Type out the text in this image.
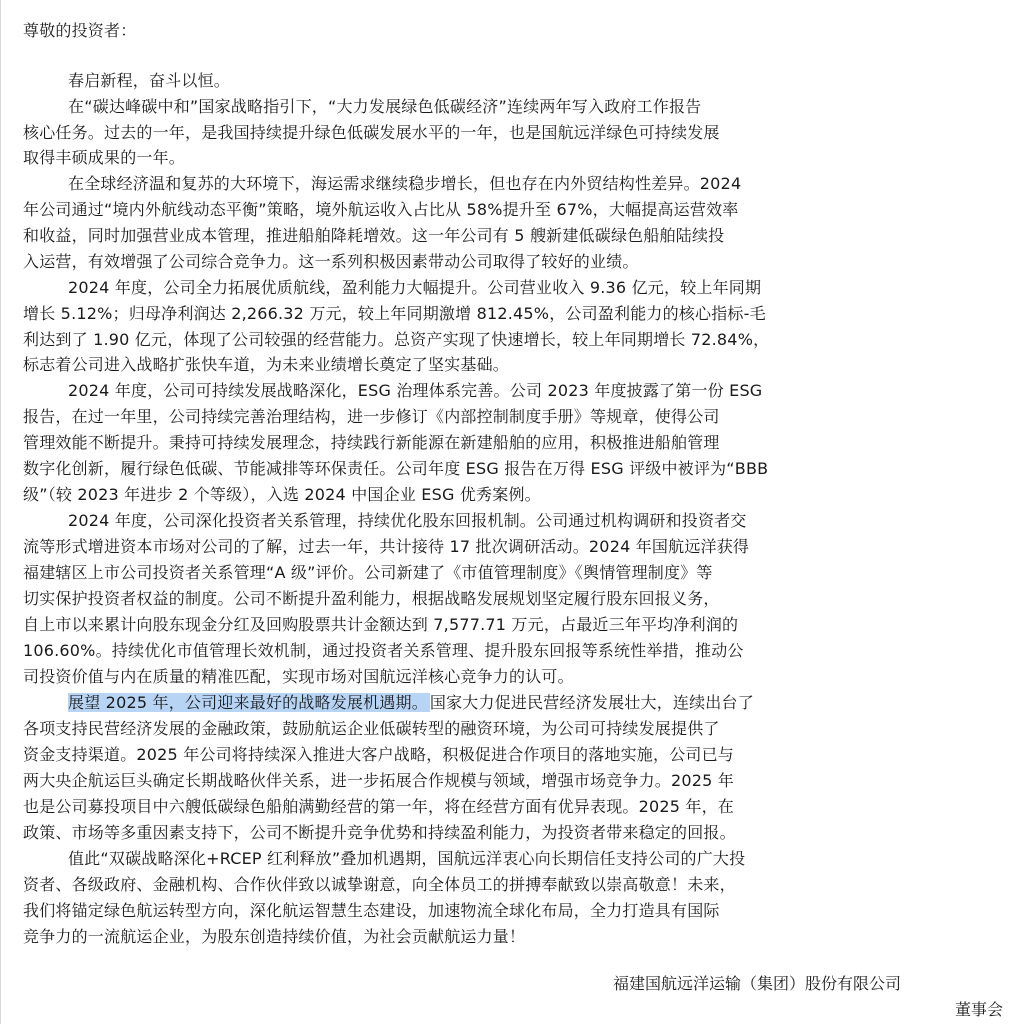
尊敬的投资者：
春启新程，奋斗以恒。
在“碳达峰碳中和”国家战略指引下，“大力发展绿色低碳经济”连续两年写入政府工作报告
核心任务。过去的一年，是我国持续提升绿色低碳发展水平的一年，也是国航远洋绿色可持续发展
取得丰硕成果的一年。
在全球经济温和复苏的大环境下，海运需求继续稳步增长，但也存在内外贸结构性差异。2024
年公司通过“境内外航线动态平衡”策略，境外航运收入占比从 58%提升至 67%，大幅提高运营效率
和收益，同时加强营业成本管理，推进船舶降耗增效。这一年公司有 5 艘新建低碳绿色船舶陆续投
入运营，有效增强了公司综合竞争力。这一系列积极因素带动公司取得了较好的业绩。
2024 年度，公司全力拓展优质航线，盈利能力大幅提升。公司营业收入 9.36 亿元，较上年同期
增长 5.12%；归母净利润达 2,266.32 万元，较上年同期激增 812.45%，公司盈利能力的核心指标-毛
利达到了 1.90 亿元，体现了公司较强的经营能力。总资产实现了快速增长，较上年同期增长 72.84%，
标志着公司进入战略扩张快车道，为未来业绩增长奠定了坚实基础。
2024 年度，公司可持续发展战略深化，ESG 治理体系完善。公司 2023 年度披露了第一份 ESG
报告，在过一年里，公司持续完善治理结构，进一步修订《内部控制制度手册》等规章，使得公司
管理效能不断提升。秉持可持续发展理念，持续践行新能源在新建船舶的应用，积极推进船舶管理
数字化创新，履行绿色低碳、节能减排等环保责任。公司年度 ESG 报告在万得 ESG 评级中被评为“BBB
级”（较 2023 年进步 2 个等级），入选 2024 中国企业 ESG 优秀案例。
2024 年度，公司深化投资者关系管理，持续优化股东回报机制。公司通过机构调研和投资者交
流等形式增进资本市场对公司的了解，过去一年，共计接待 17 批次调研活动。2024 年国航远洋获得
福建辖区上市公司投资者关系管理“A 级”评价。公司新建了《市值管理制度》《舆情管理制度》等
切实保护投资者权益的制度。公司不断提升盈利能力，根据战略发展规划坚定履行股东回报义务，
自上市以来累计向股东现金分红及回购股票共计金额达到 7,577.71 万元，占最近三年平均净利润的
106.60%。持续优化市值管理长效机制，通过投资者关系管理、提升股东回报等系统性举措，推动公
司投资价值与内在质量的精准匹配，实现市场对国航远洋核心竞争力的认可。
展望 2025 年，公司迎来最好的战略发展机遇期。 国家大力促进民营经济发展壮大，连续出台了
各项支持民营经济发展的金融政策，鼓励航运企业低碳转型的融资环境，为公司可持续发展提供了
资金支持渠道。2025 年公司将持续深入推进大客户战略，积极促进合作项目的落地实施，公司已与
两大央企航运巨头确定长期战略伙伴关系，进一步拓展合作规模与领域，增强市场竞争力。2025 年
也是公司募投项目中六艘低碳绿色船舶满勤经营的第一年，将在经营方面有优异表现。2025 年，在
政策、市场等多重因素支持下，公司不断提升竞争优势和持续盈利能力，为投资者带来稳定的回报。
值此“双碳战略深化+RCEP 红利释放”叠加机遇期，国航远洋衷心向长期信任支持公司的广大投
资者、各级政府、金融机构、合作伙伴致以诚挚谢意，向全体员工的拼搏奉献致以崇高敬意！未来，
我们将锚定绿色航运转型方向，深化航运智慧生态建设，加速物流全球化布局，全力打造具有国际
竞争力的一流航运企业，为股东创造持续价值，为社会贡献航运力量！
福建国航远洋运输（集团）股份有限公司
董事会
